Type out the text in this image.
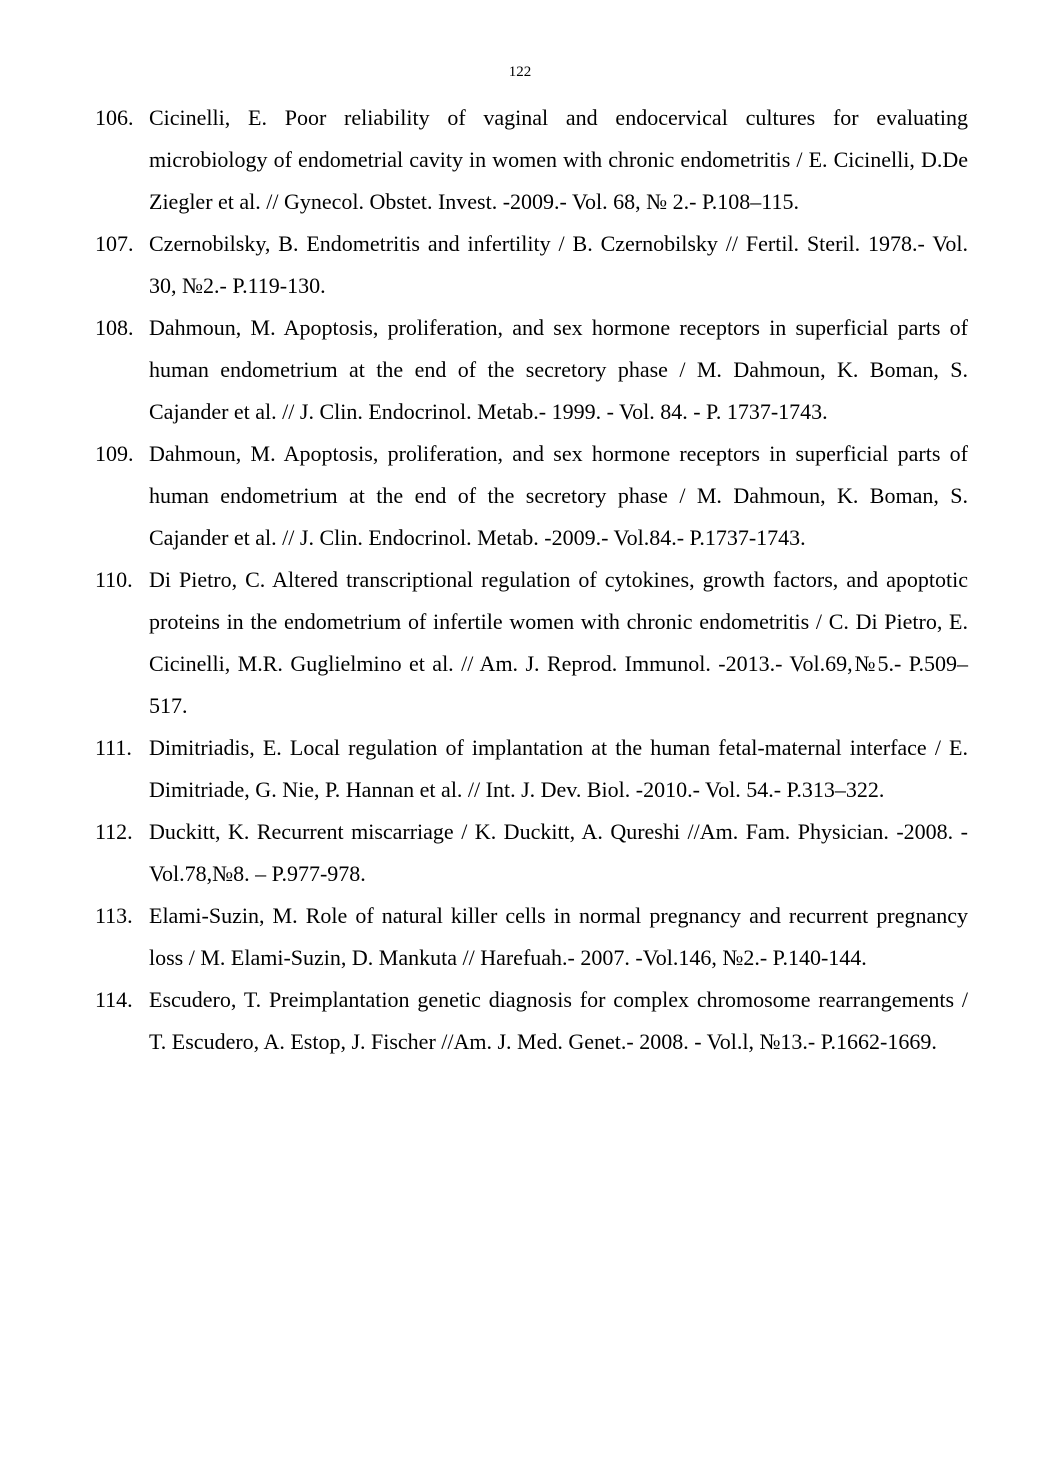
122
106. Cicinelli, E. Poor reliability of vaginal and endocervical cultures for evaluating microbiology of endometrial cavity in women with chronic endometritis / E. Cicinelli, D.De Ziegler et al. // Gynecol. Obstet. Invest. -2009.- Vol. 68, № 2.- P.108–115.
107. Czernobilsky, B. Endometritis and infertility / B. Czernobilsky // Fertil. Steril. 1978.- Vol. 30, №2.- P.119-130.
108. Dahmoun, M. Apoptosis, proliferation, and sex hormone receptors in superficial parts of human endometrium at the end of the secretory phase / M. Dahmoun, K. Boman, S. Cajander et al. // J. Clin. Endocrinol. Metab.- 1999. - Vol. 84. - P. 1737-1743.
109. Dahmoun, M. Apoptosis, proliferation, and sex hormone receptors in superficial parts of human endometrium at the end of the secretory phase / M. Dahmoun, K. Boman, S. Cajander et al. // J. Clin. Endocrinol. Metab. -2009.- Vol.84.- P.1737-1743.
110. Di Pietro, C. Altered transcriptional regulation of cytokines, growth factors, and apoptotic proteins in the endometrium of infertile women with chronic endometritis / C. Di Pietro, E. Cicinelli, M.R. Guglielmino et al. // Am. J. Reprod. Immunol. -2013.- Vol.69,№5.- P.509–517.
111. Dimitriadis, E. Local regulation of implantation at the human fetal-maternal interface / E. Dimitriade, G. Nie, P. Hannan et al. // Int. J. Dev. Biol. -2010.- Vol. 54.- P.313–322.
112. Duckitt, K. Recurrent miscarriage / K. Duckitt, A. Qureshi //Am. Fam. Physician. -2008. -Vol.78,№8. – P.977-978.
113. Elami-Suzin, M. Role of natural killer cells in normal pregnancy and recurrent pregnancy loss / M. Elami-Suzin, D. Mankuta // Harefuah.- 2007. -Vol.146, №2.- P.140-144.
114. Escudero, T. Preimplantation genetic diagnosis for complex chromosome rearrangements / T. Escudero, A. Estop, J. Fischer //Am. J. Med. Genet.- 2008. - Vol.l, №13.- P.1662-1669.
